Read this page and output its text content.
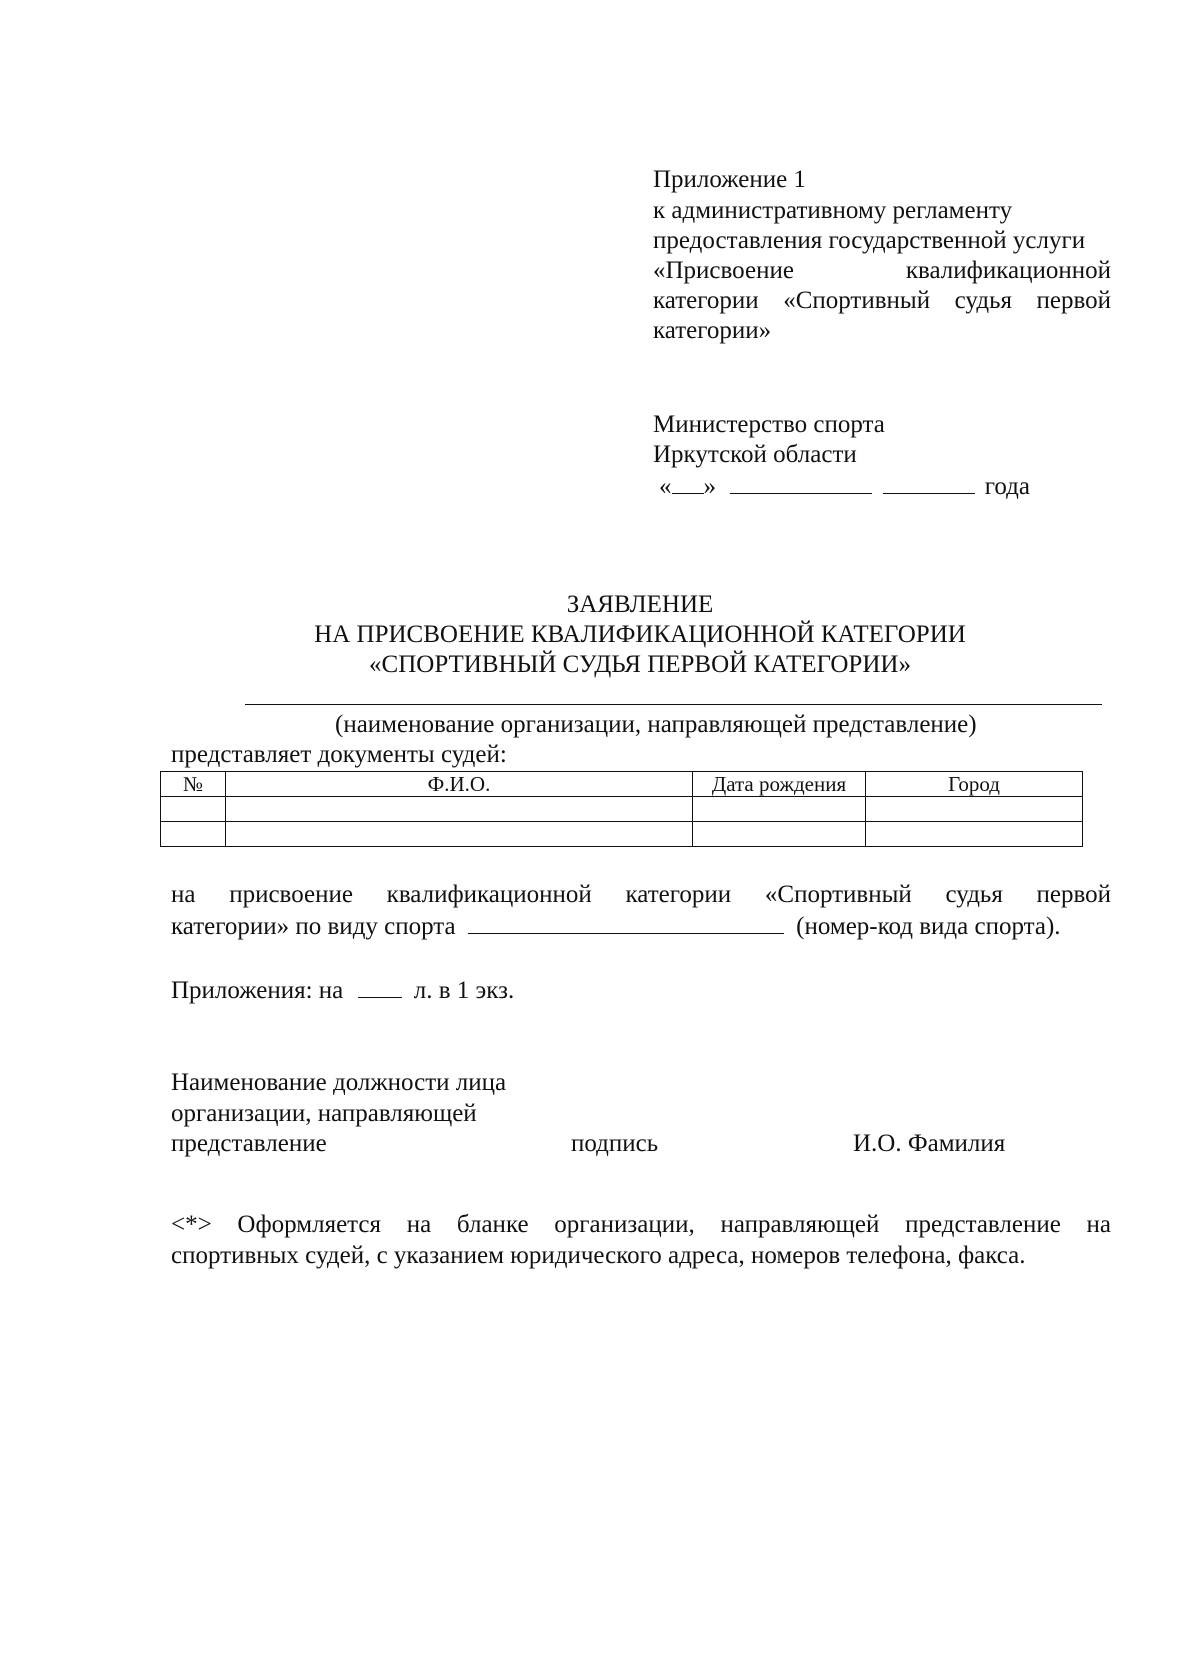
Приложение 1
к административному регламенту
предоставления государственной услуги
«Присвоение	квалификационной
категории «Спортивный судья первой
категории»
Министерство спорта
Иркутской области
« »	года
ЗАЯВЛЕНИЕ
НА ПРИСВОЕНИЕ КВАЛИФИКАЦИОННОЙ КАТЕГОРИИ
«СПОРТИВНЫЙ СУДЬЯ ПЕРВОЙ КАТЕГОРИИ»
(наименование организации, направляющей представление)
представляет документы судей:
№	Ф.И.О.	Дата рождения	Город

на присвоение квалификационной категории «Спортивный судья первой
категории» по виду спорта	(номер-код вида спорта).
Приложения: на	л. в 1 экз.
Наименование должности лица
организации, направляющей
представление	подпись	И.О. Фамилия
<*> Оформляется на бланке организации, направляющей представление на
спортивных судей, с указанием юридического адреса, номеров телефона, факса.
